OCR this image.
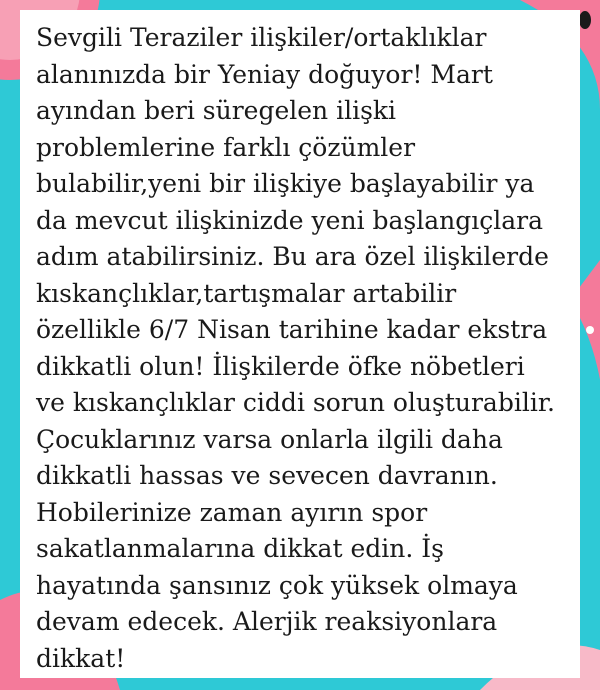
Sevgili Teraziler ilişkiler/ortaklıklar
alanınızda bir Yeniay doğuyor! Mart
ayından beri süregelen ilişki
problemlerine farklı çözümler
bulabilir,yeni bir ilişkiye başlayabilir ya
da mevcut ilişkinizde yeni başlangıçlara
adım atabilirsiniz. Bu ara özel ilişkilerde
kıskançlıklar,tartışmalar artabilir
özellikle 6/7 Nisan tarihine kadar ekstra
dikkatli olun! İlişkilerde öfke nöbetleri
ve kıskançlıklar ciddi sorun oluşturabilir.
Çocuklarınız varsa onlarla ilgili daha
dikkatli hassas ve sevecen davranın.
Hobilerinize zaman ayırın spor
sakatlanmalarına dikkat edin. İş
hayatında şansınız çok yüksek olmaya
devam edecek. Alerjik reaksiyonlara
dikkat!
